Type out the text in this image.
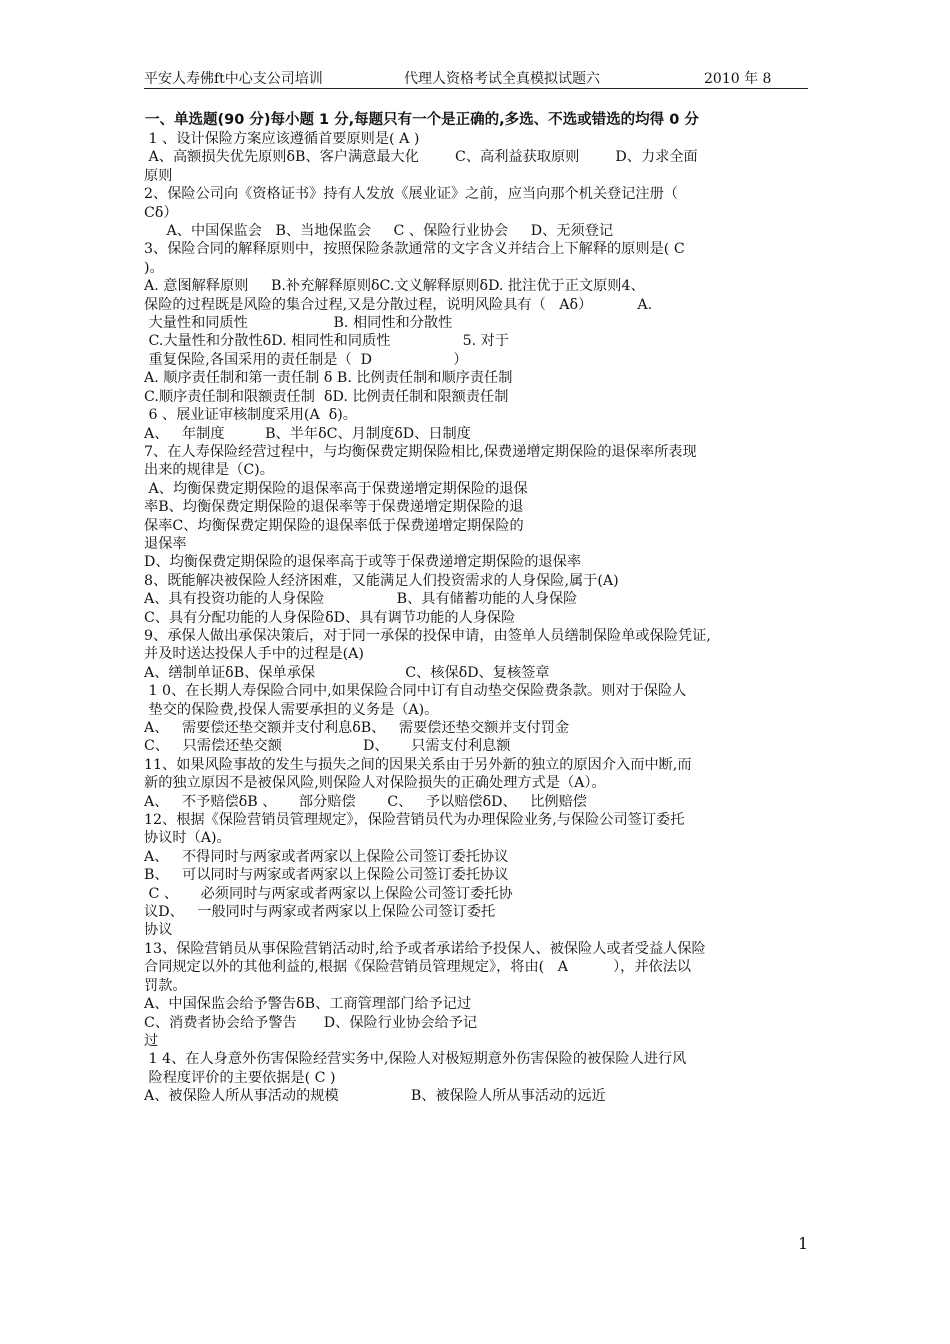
平安人寿佛ft中心支公司培训	代理人资格考试全真模拟试题六	2010 年 8
一、单选题(90 分)每小题 1 分,每题只有一个是正确的,多选、不选或错选的均得 0 分
1 、设计保险方案应该遵循首要原则是( A )
A、高额损失优先原则ẟB、客户满意最大化        C、高利益获取原则        D、力求全面
原则
2、保险公司向《资格证书》持有人发放《展业证》之前，应当向那个机关登记注册（
Cẟ）
A、中国保监会   B、当地保监会     C 、保险行业协会     D、无须登记
3、保险合同的解释原则中，按照保险条款通常的文字含义并结合上下解释的原则是( C
)。
A. 意图解释原则     B.补充解释原则ẟC.文义解释原则ẟD. 批注优于正文原则4、
保险的过程既是风险的集合过程,又是分散过程，说明风险具有（   Aẟ）          A.
大量性和同质性                   B. 相同性和分散性
C.大量性和分散性ẟD. 相同性和同质性                5. 对于
重复保险,各国采用的责任制是（  D                  ）
A. 顺序责任制和第一责任制 ẟ B. 比例责任制和顺序责任制
C.顺序责任制和限额责任制  ẟD. 比例责任制和限额责任制
6 、展业证审核制度采用(A  ẟ)。
A、   年制度         B、半年ẟC、月制度ẟD、日制度
7、在人寿保险经营过程中，与均衡保费定期保险相比,保费递增定期保险的退保率所表现
出来的规律是（C)。
A、均衡保费定期保险的退保率高于保费递增定期保险的退保
率B、均衡保费定期保险的退保率等于保费递增定期保险的退
保率C、均衡保费定期保险的退保率低于保费递增定期保险的
退保率
D、均衡保费定期保险的退保率高于或等于保费递增定期保险的退保率
8、既能解决被保险人经济困难，又能满足人们投资需求的人身保险,属于(A)
A、具有投资功能的人身保险                B、具有储蓄功能的人身保险
C、具有分配功能的人身保险ẟD、具有调节功能的人身保险
9、承保人做出承保决策后，对于同一承保的投保申请，由签单人员缮制保险单或保险凭证,
并及时送达投保人手中的过程是(A)
A、缮制单证ẟB、保单承保                    C、核保ẟD、复核签章
1 0、在长期人寿保险合同中,如果保险合同中订有自动垫交保险费条款。则对于保险人
垫交的保险费,投保人需要承担的义务是（A)。
A、   需要偿还垫交额并支付利息ẟB、   需要偿还垫交额并支付罚金
C、   只需偿还垫交额                  D、     只需支付利息额
11、如果风险事故的发生与损失之间的因果关系由于另外新的独立的原因介入而中断,而
新的独立原因不是被保风险,则保险人对保险损失的正确处理方式是（A）。
A、   不予赔偿ẟB 、     部分赔偿       C、   予以赔偿ẟD、   比例赔偿
12、根据《保险营销员管理规定》，保险营销员代为办理保险业务,与保险公司签订委托
协议时（A)。
A、   不得同时与两家或者两家以上保险公司签订委托协议
B、   可以同时与两家或者两家以上保险公司签订委托协议
C 、     必须同时与两家或者两家以上保险公司签订委托协
议D、   一般同时与两家或者两家以上保险公司签订委托
协议
13、保险营销员从事保险营销活动时,给予或者承诺给予投保人、被保险人或者受益人保险
合同规定以外的其他利益的,根据《保险营销员管理规定》，将由(   A          ），并依法以
罚款。
A、中国保监会给予警告ẟB、工商管理部门给予记过
C、消费者协会给予警告      D、保险行业协会给予记
过
1 4、在人身意外伤害保险经营实务中,保险人对极短期意外伤害保险的被保险人进行风
险程度评价的主要依据是( C )
A、被保险人所从事活动的规模                B、被保险人所从事活动的远近
1
